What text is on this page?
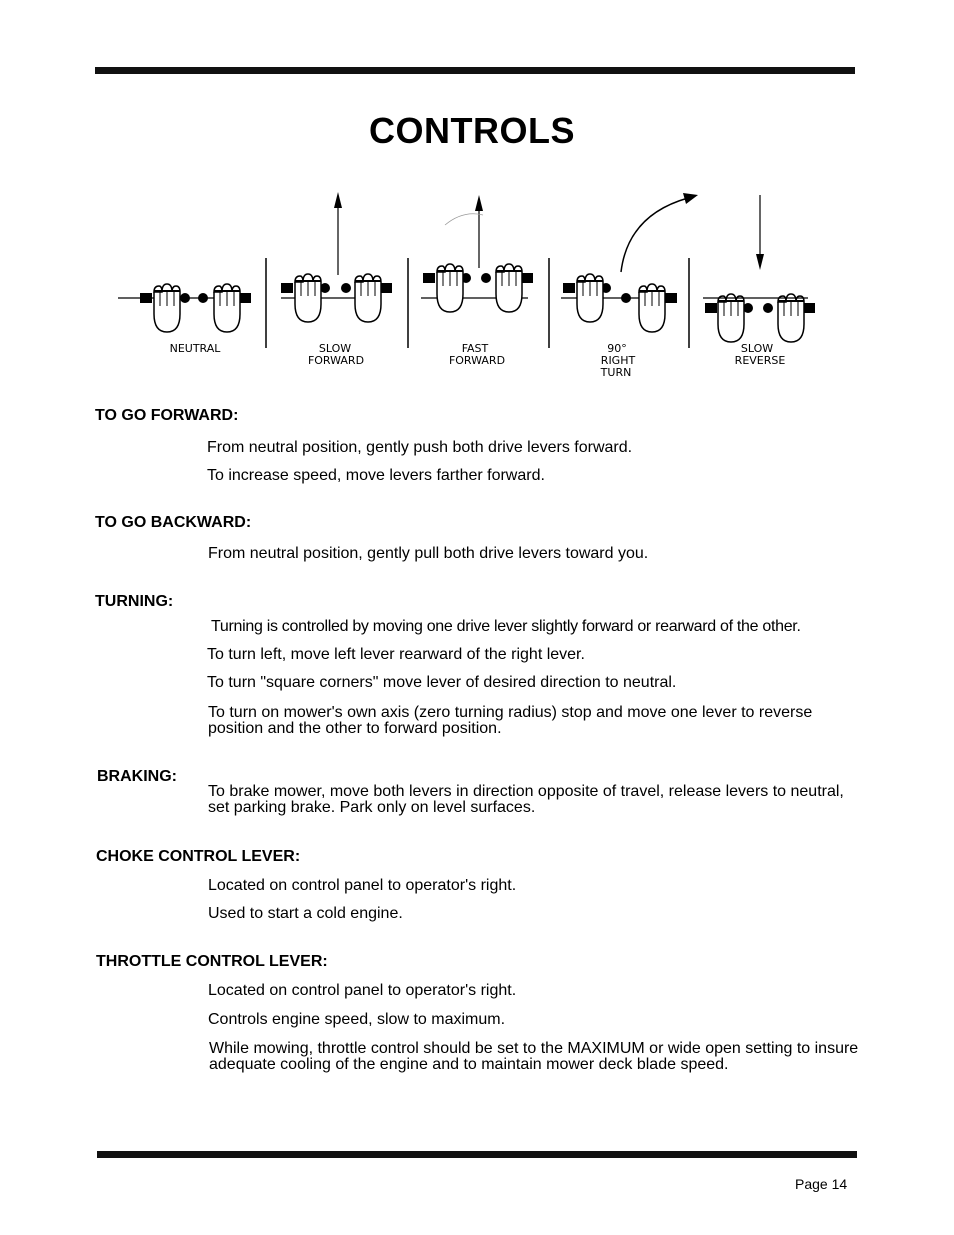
CONTROLS
NEUTRAL	SLOW
FORWARD
FAST
FORWARD
90°
RIGHT
TURN
SLOW
REVERSE

TO GO FORWARD:

From neutral position, gently push both drive levers forward.

To increase speed, move levers farther forward.

TO GO BACKWARD:

From neutral position, gently pull both drive levers toward you.

TURNING:

Turning is controlled by moving one drive lever slightly forward or rearward of the other.

To turn left, move left lever rearward of the right lever.

To turn "square corners" move lever of desired direction to neutral.

To turn on mower's own axis (zero turning radius) stop and move one lever to reverse position and the other to forward position.

BRAKING:

To brake mower, move both levers in direction opposite of travel, release levers to neutral, set parking brake. Park only on level surfaces.

CHOKE CONTROL LEVER:

Located on control panel to operator's right.

Used to start a cold engine.

THROTTLE CONTROL LEVER:

Located on control panel to operator's right.

Controls engine speed, slow to maximum.

While mowing, throttle control should be set to the MAXIMUM or wide open setting to insure adequate cooling of the engine and to maintain mower deck blade speed.

Page 14
